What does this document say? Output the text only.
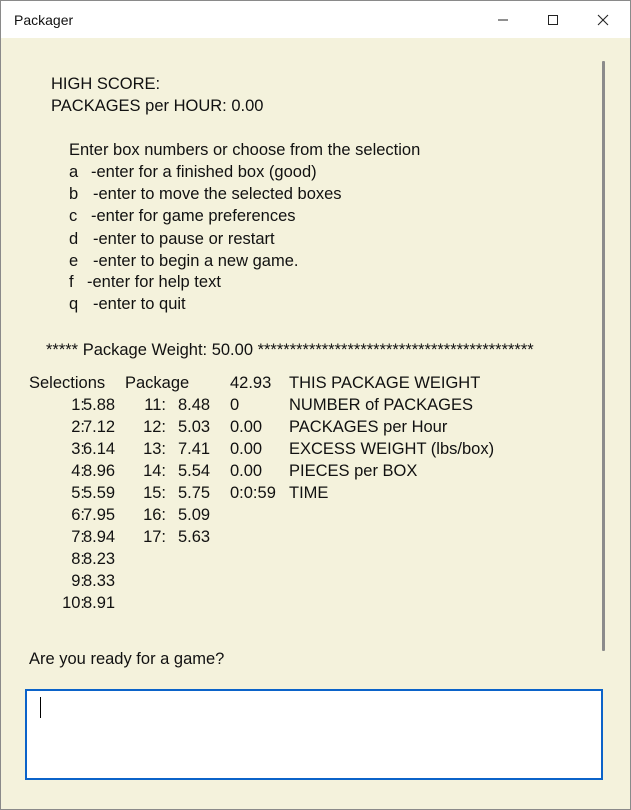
Packager
HIGH SCORE:
PACKAGES per HOUR: 0.00
Enter box numbers or choose from the selection
a -enter for a finished box (good)
b -enter to move the selected boxes
c -enter for game preferences
d -enter to pause or restart
e -enter to begin a new game.
f -enter for help text
q -enter to quit
***** Package Weight: 50.00 *******************************************
Selections Package
1:
5.88
2:
7.12
3:
6.14
4:
8.96
5:
5.59
6:
7.95
7:
8.94
8:
8.23
9:
8.33
10:
8.91
11: 8.48
12: 5.03
13: 7.41
14: 5.54
15: 5.75
16: 5.09
17: 5.63
42.93 THIS PACKAGE WEIGHT
0	NUMBER of PACKAGES
0.00 PACKAGES per Hour
0.00 EXCESS WEIGHT (lbs/box)
0.00 PIECES per BOX
0:0:59 TIME
Are you ready for a game?
